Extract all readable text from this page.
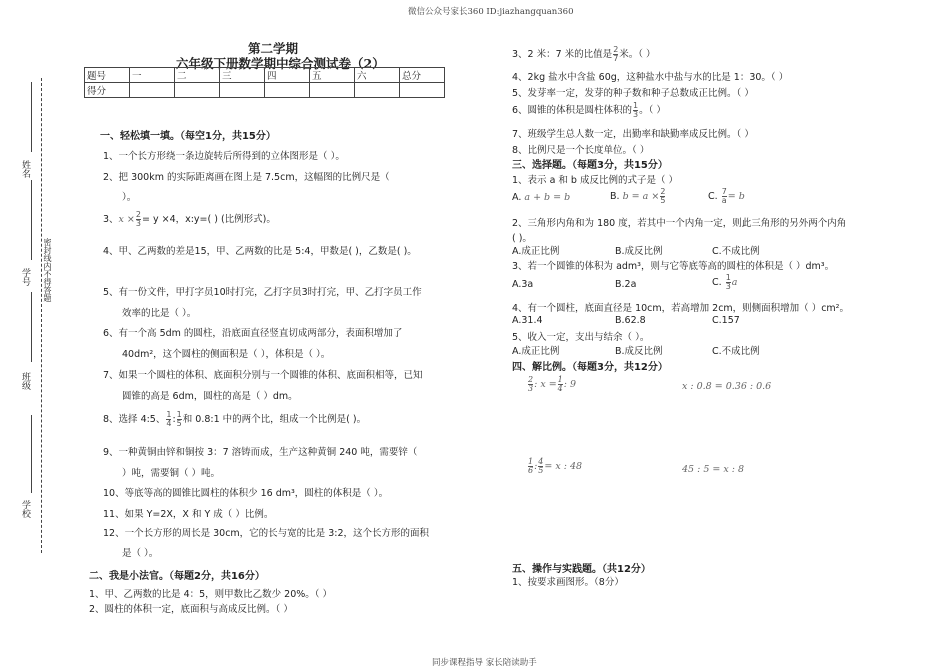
微信公众号家长360 ID:jiazhangquan360
同步课程指导 家长陪读助手
姓名
学号 密封线内不得答题
班级
学校
第二学期
六年级下册数学期中综合测试卷（2）
题号	一	二	三	四	五	六	总分
得分							
一、轻松填一填。（每空1分，共15分）
1、一个长方形绕一条边旋转后所得到的立体图形是（ ）。
2、把 300km 的实际距离画在图上是 7.5cm，这幅图的比例尺是（
）。
3、$x \times \frac{2}{3} = y \times 4$，x:y=( ) (比例形式)。
4、甲、乙两数的差是15，甲、乙两数的比是 5:4，甲数是( )，乙数是( )。
5、有一份文件，甲打字员10时打完，乙打字员3时打完，甲、乙打字员工作
效率的比是（ ）。
6、有一个高 5dm 的圆柱，沿底面直径竖直切成两部分，表面积增加了
40dm²，这个圆柱的侧面积是（ ），体积是（ ）。
7、如果一个圆柱的体积、底面积分别与一个圆锥的体积、底面积相等，已知
圆锥的高是 6dm，圆柱的高是（ ）dm。
8、选择 4:5、 $\frac{1}{4}$ : $\frac{1}{5}$ 和 0.8:1 中的两个比，组成一个比例是( )。
9、一种黄铜由锌和铜按 3：7 溶铸而成，生产这种黄铜 240 吨，需要锌（
）吨，需要铜（ ）吨。
10、等底等高的圆锥比圆柱的体积少 16 dm³，圆柱的体积是（ ）。
11、如果 Y=2X，X 和 Y 成（ ）比例。
12、一个长方形的周长是 30cm，它的长与宽的比是 3:2，这个长方形的面积
是（ ）。
二、我是小法官。（每题2分，共16分）
1、甲、乙两数的比是 4：5，则甲数比乙数少 20%。（ ）
2、圆柱的体积一定，底面积与高成反比例。（ ）
3、2 米：7 米的比值是 $\frac{2}{7}$ 米。（ ）
4、2kg 盐水中含盐 60g，这种盐水中盐与水的比是 1：30。（ ）
5、发芽率一定，发芽的种子数和种子总数成正比例。（ ）
6、圆锥的体积是圆柱体积的 $\frac{1}{3}$ 。（ ）
7、班级学生总人数一定，出勤率和缺勤率成反比例。（ ）
8、比例尺是一个长度单位。（ ）
三、选择题。（每题3分，共15分）
1、表示 a 和 b 成反比例的式子是（ ）
A. a + b = b	B. $b = a \times \frac{2}{5}$	C. $\frac{7}{a} = b$
2、三角形内角和为 180 度，若其中一个内角一定，则此三角形的另外两个内角
( )。
A.成正比例	B.成反比例	C.不成比例
3、若一个圆锥的体积为 adm³，则与它等底等高的圆柱的体积是（ ）dm³。
A.3a	B.2a	C. $\frac{1}{3}$ a
4、有一个圆柱，底面直径是 10cm，若高增加 2cm，则侧面积增加（ ）cm²。
A.31.4	B.62.8	C.157
5、收入一定，支出与结余（ ）。
A.成正比例	B.成反比例	C.不成比例
四、解比例。（每题3分，共12分）
$\frac{2}{3}$ : $x = \frac{1}{4}$ : 9	x : 0.8 = 0.36 : 0.6
$\frac{1}{6}$ : $\frac{4}{5} = x$ : 48	45 : 5 = x : 8
五、操作与实践题。（共12分）
1、按要求画图形。（8分）
